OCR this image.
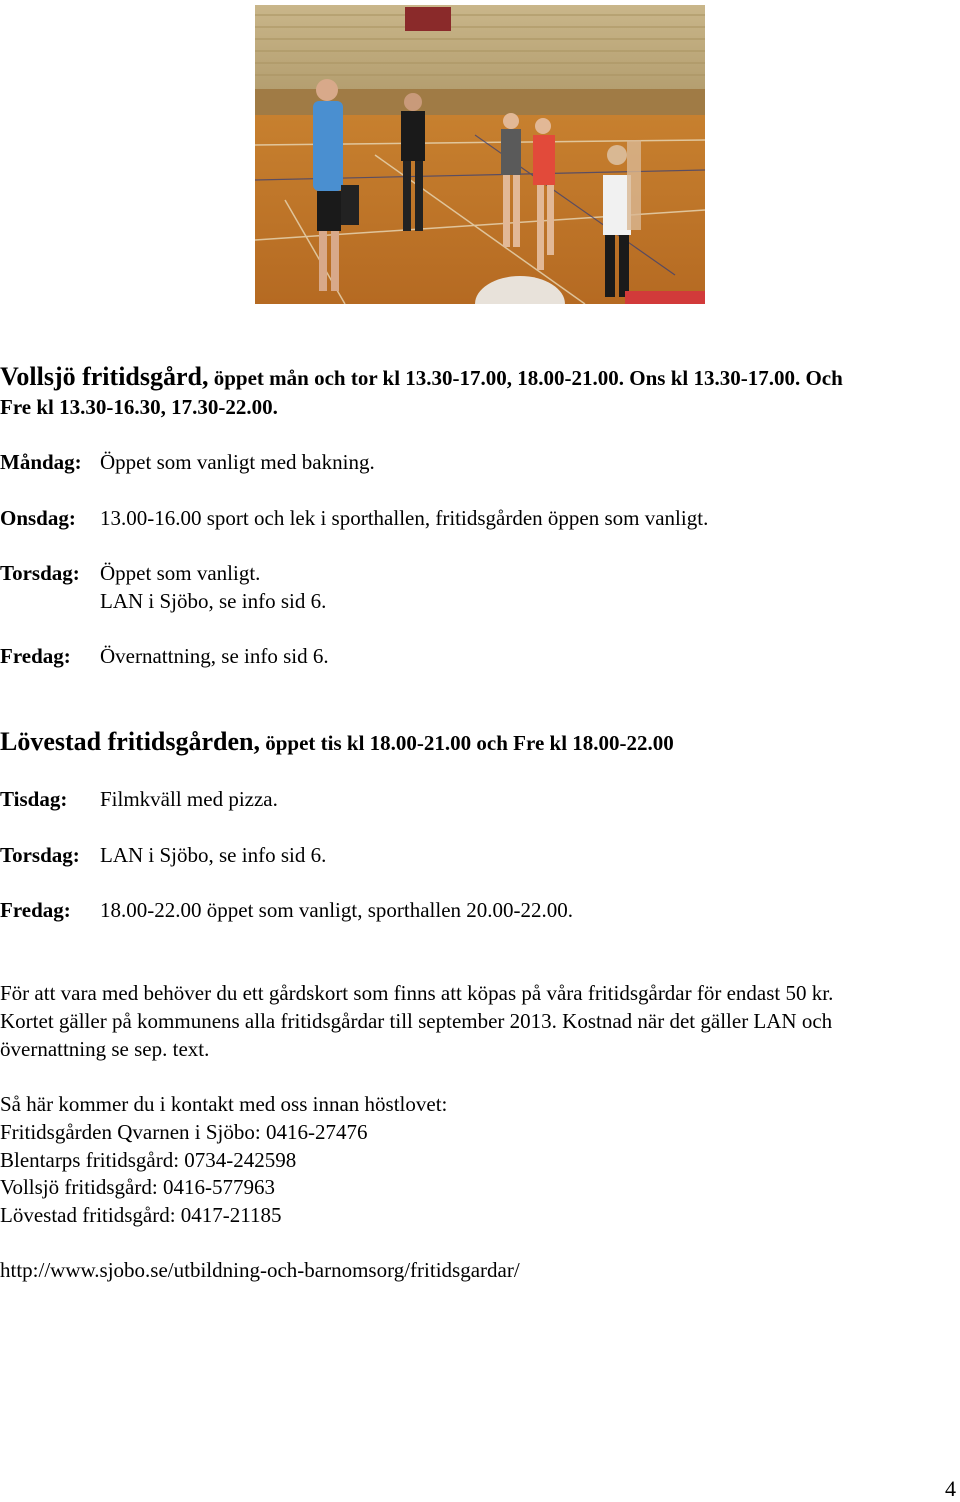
Vollsjö fritidsgård, öppet mån och tor kl 13.30-17.00, 18.00-21.00. Ons kl 13.30-17.00. Och
Fre kl 13.30-16.30, 17.30-22.00.
Måndag: Öppet som vanligt med bakning.
Onsdag: 13.00-16.00 sport och lek i sporthallen, fritidsgården öppen som vanligt.
Torsdag: Öppet som vanligt.
LAN i Sjöbo, se info sid 6.
Fredag: Övernattning, se info sid 6.
Lövestad fritidsgården, öppet tis kl 18.00-21.00 och Fre kl 18.00-22.00
Tisdag: Filmkväll med pizza.
Torsdag: LAN i Sjöbo, se info sid 6.
Fredag: 18.00-22.00 öppet som vanligt, sporthallen 20.00-22.00.
För att vara med behöver du ett gårdskort som finns att köpas på våra fritidsgårdar för endast 50 kr.
Kortet gäller på kommunens alla fritidsgårdar till september 2013. Kostnad när det gäller LAN och
övernattning se sep. text.
Så här kommer du i kontakt med oss innan höstlovet:
Fritidsgården Qvarnen i Sjöbo: 0416-27476
Blentarps fritidsgård: 0734-242598
Vollsjö fritidsgård: 0416-577963
Lövestad fritidsgård: 0417-21185
http://www.sjobo.se/utbildning-och-barnomsorg/fritidsgardar/
4
